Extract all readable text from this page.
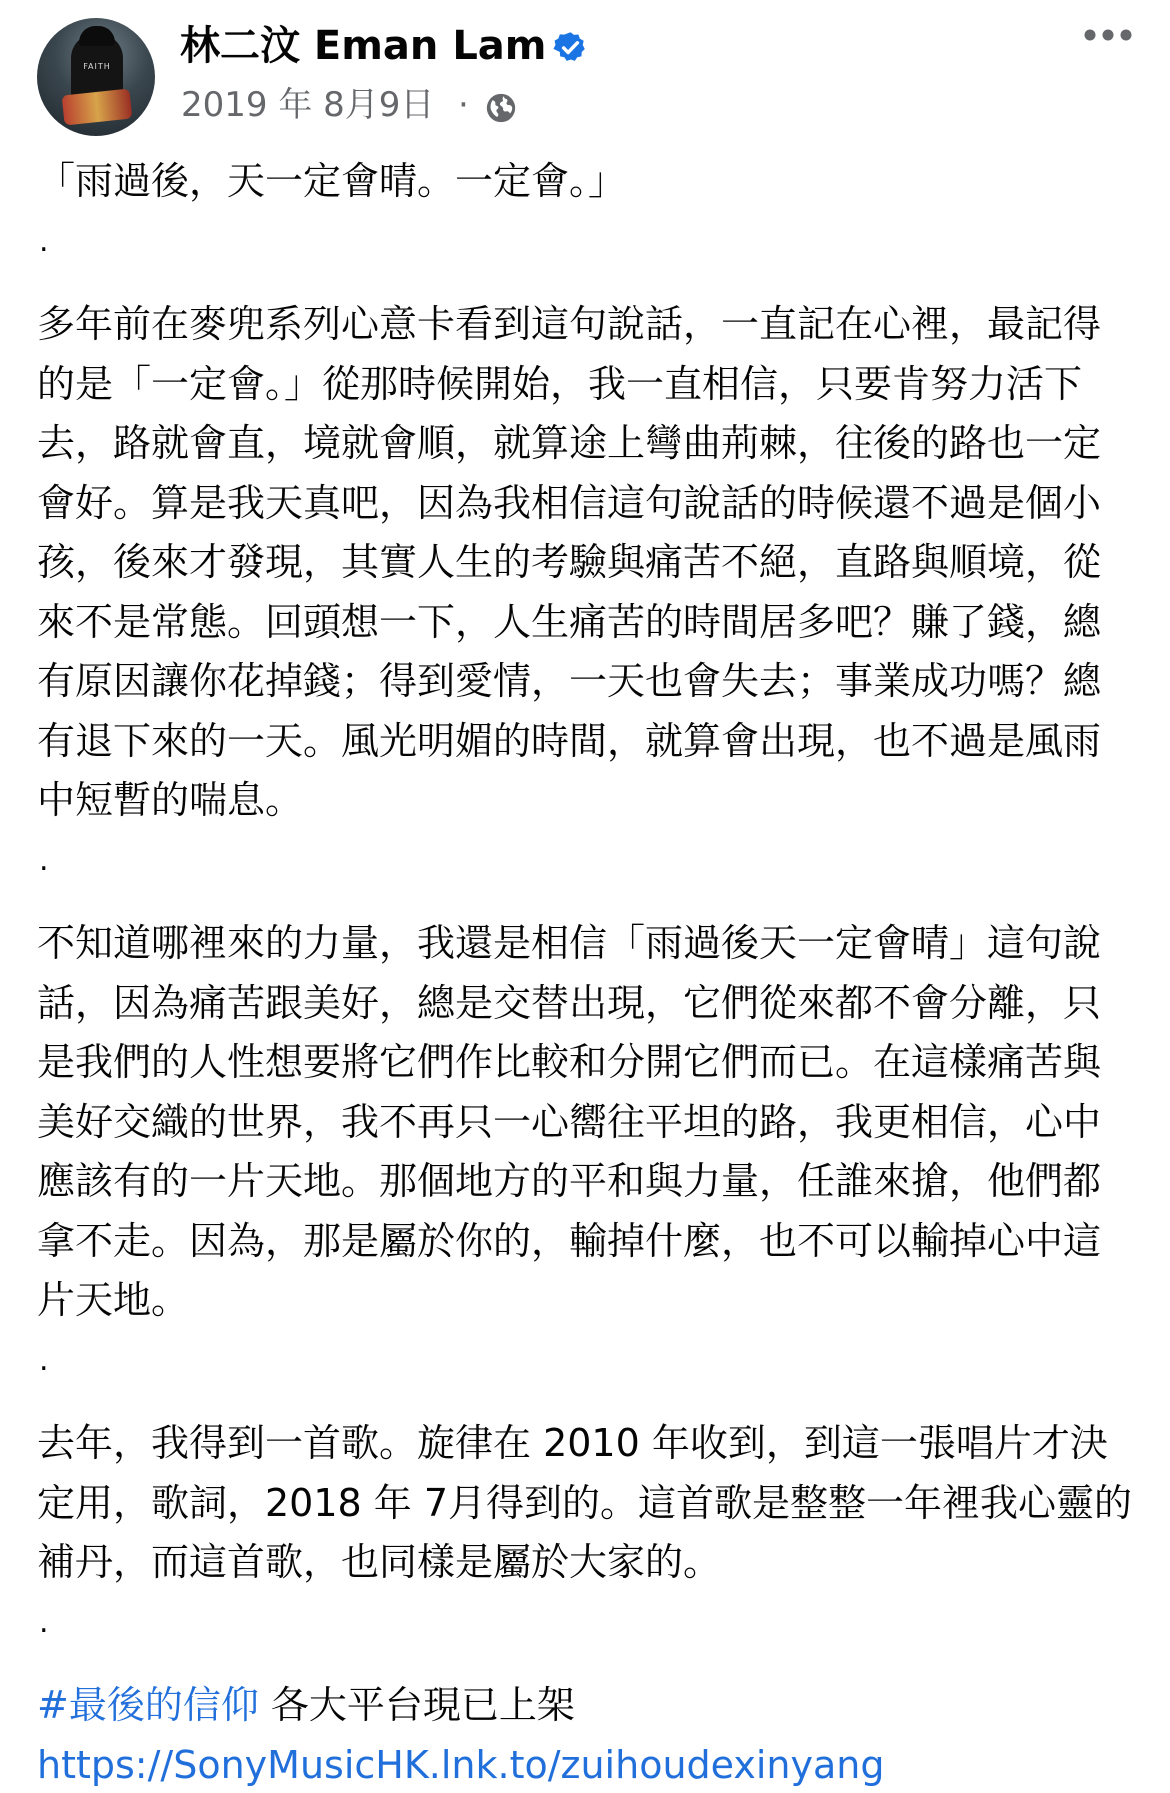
FAITH 林二汶 Eman Lam
2019 年 8月9日 ·
「雨過後，天一定會晴。一定會。」
.
多年前在麥兜系列心意卡看到這句說話，一直記在心裡，最記得的是「一定會。」從那時候開始，我一直相信，只要肯努力活下去，路就會直，境就會順，就算途上彎曲荊棘，往後的路也一定會好。算是我天真吧，因為我相信這句說話的時候還不過是個小孩，後來才發現，其實人生的考驗與痛苦不絕，直路與順境，從來不是常態。回頭想一下，人生痛苦的時間居多吧？賺了錢，總有原因讓你花掉錢；得到愛情，一天也會失去；事業成功嗎？總有退下來的一天。風光明媚的時間，就算會出現，也不過是風雨中短暫的喘息。
.
不知道哪裡來的力量，我還是相信「雨過後天一定會晴」這句說話，因為痛苦跟美好，總是交替出現，它們從來都不會分離，只是我們的人性想要將它們作比較和分開它們而已。在這樣痛苦與美好交織的世界，我不再只一心嚮往平坦的路，我更相信，心中應該有的一片天地。那個地方的平和與力量，任誰來搶，他們都拿不走。因為，那是屬於你的，輸掉什麼，也不可以輸掉心中這片天地。
.
去年，我得到一首歌。旋律在 2010 年收到，到這一張唱片才決定用，歌詞，2018 年 7月得到的。這首歌是整整一年裡我心靈的補丹，而這首歌，也同樣是屬於大家的。
.
#最後的信仰 各大平台現已上架
https://SonyMusicHK.lnk.to/zuihoudexinyang
